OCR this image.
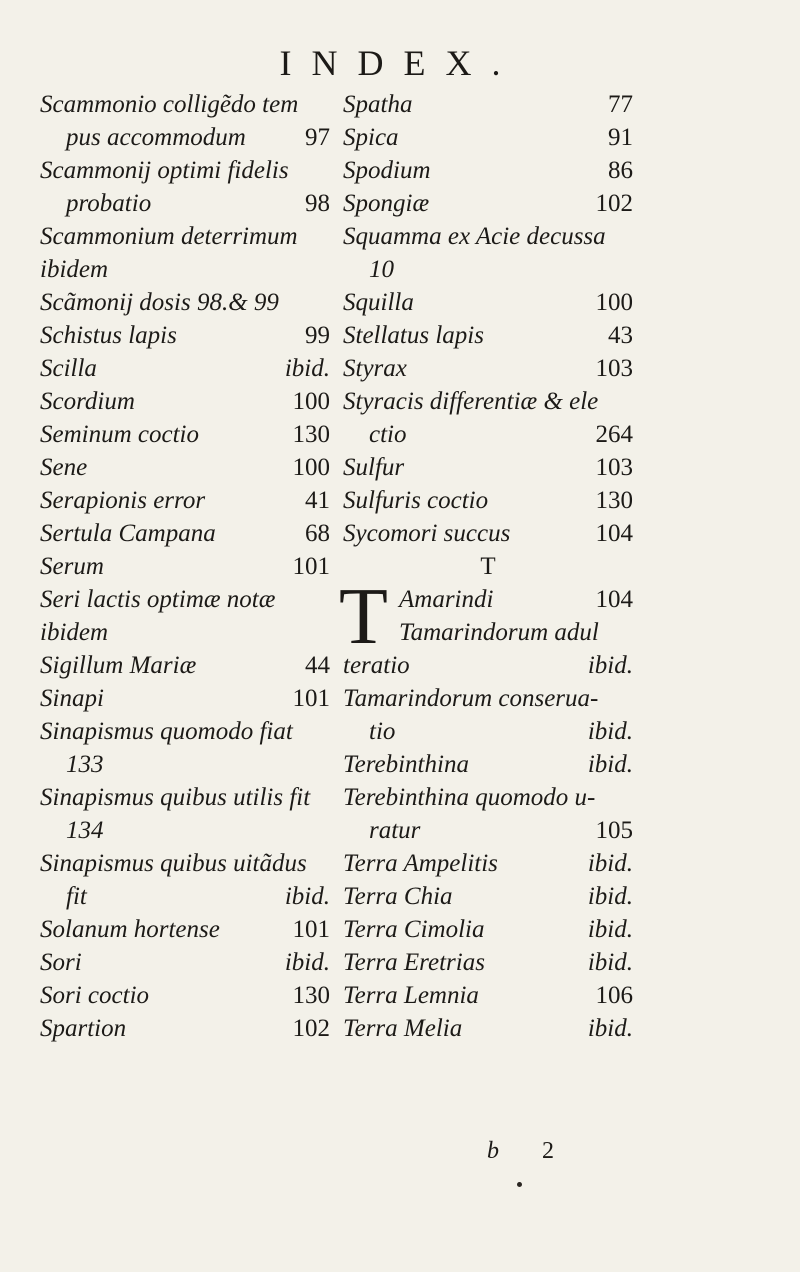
INDEX.
Scammonio colligẽdo tem
pus accommodum 97
Scammonij optimi fidelis
probatio	98
Scammonium deterrimum
ibidem
Scãmonij dosis 98.& 99
Schistus lapis	99
Scilla	ibid.
Scordium	100
Seminum coctio	130
Sene	100
Serapionis error	41
Sertula Campana	68
Serum	101
Seri lactis optimæ notæ
ibidem
Sigillum Mariæ	44
Sinapi	101
Sinapismus quomodo fiat
133
Sinapismus quibus utilis fit
134
Sinapismus quibus uitãdus
fit	ibid.
Solanum hortense	101
Sori	ibid.
Sori coctio	130
Spartion	102
Spatha	77
Spica	91
Spodium	86
Spongiæ	102
Squamma ex Acie decussa
10
Squilla	100
Stellatus lapis	43
Styrax	103
Styracis differentiæ & ele
ctio	264
Sulfur	103
Sulfuris coctio	130
Sycomori succus	104
T
T Amarindi	104
Tamarindorum adul
teratio	ibid.
Tamarindorum conserua-
tio	ibid.
Terebinthina	ibid.
Terebinthina quomodo u-
ratur	105
Terra Ampelitis	ibid.
Terra Chia	ibid.
Terra Cimolia	ibid.
Terra Eretrias	ibid.
Terra Lemnia	106
Terra Melia	ibid.
b 2
